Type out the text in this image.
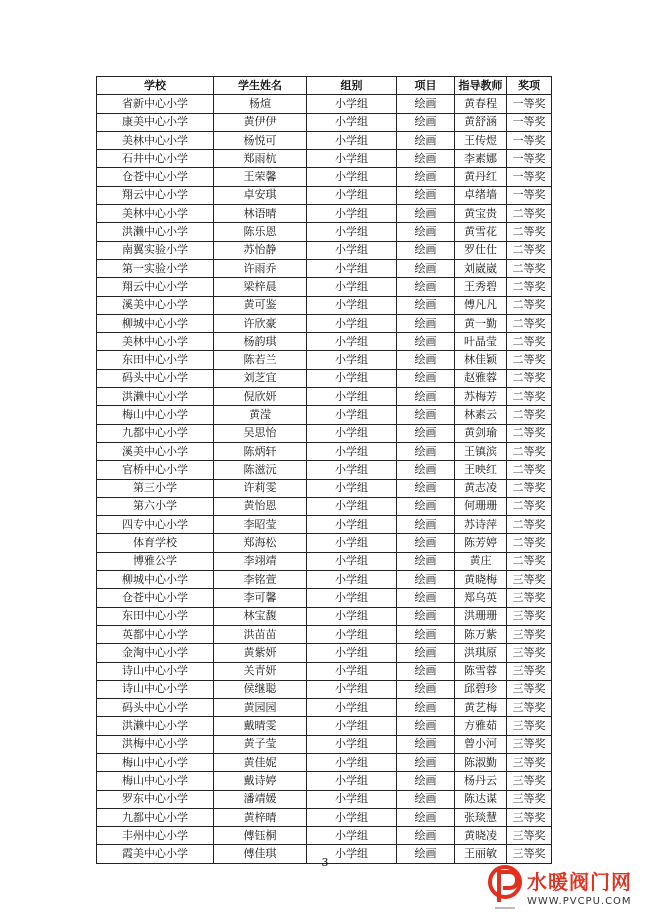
学校	学生姓名	组别	项目	指导教师	奖项
省新中心小学	杨煊	小学组	绘画	黄春程	一等奖
康美中心小学	黄伊伊	小学组	绘画	黄舒涵	一等奖
美林中心小学	杨悦可	小学组	绘画	王传煜	一等奖
石井中心小学	郑雨杭	小学组	绘画	李素娜	一等奖
仓苍中心小学	王荣馨	小学组	绘画	黄丹红	一等奖
翔云中心小学	卓安琪	小学组	绘画	卓绪墙	一等奖
美林中心小学	林语晴	小学组	绘画	黄宝贵	二等奖
洪濑中心小学	陈乐恩	小学组	绘画	黄雪花	二等奖
南翼实验小学	苏怡静	小学组	绘画	罗仕仕	二等奖
第一实验小学	许雨乔	小学组	绘画	刘崴崴	二等奖
翔云中心小学	梁梓晨	小学组	绘画	王秀碧	二等奖
溪美中心小学	黄可鉴	小学组	绘画	傅凡凡	二等奖
柳城中心小学	许欣豪	小学组	绘画	黄一勤	二等奖
美林中心小学	杨韵琪	小学组	绘画	叶晶莹	二等奖
东田中心小学	陈若兰	小学组	绘画	林佳颖	二等奖
码头中心小学	刘芝宜	小学组	绘画	赵雅蓉	二等奖
洪濑中心小学	倪欣妍	小学组	绘画	苏梅芳	二等奖
梅山中心小学	黄滢	小学组	绘画	林素云	二等奖
九都中心小学	吴思怡	小学组	绘画	黄剑瑜	二等奖
溪美中心小学	陈炳轩	小学组	绘画	王镇滨	二等奖
官桥中心小学	陈滋沅	小学组	绘画	王映红	二等奖
第三小学	许莉雯	小学组	绘画	黄志凌	二等奖
第六小学	黄怡恩	小学组	绘画	何珊珊	二等奖
四专中心小学	李昭莹	小学组	绘画	苏诗萍	二等奖
体育学校	郑海松	小学组	绘画	陈芳婷	二等奖
博雅公学	李翊靖	小学组	绘画	黄庄	二等奖
柳城中心小学	李铭萱	小学组	绘画	黄晓梅	三等奖
仓苍中心小学	李可馨	小学组	绘画	郑乌英	三等奖
东田中心小学	林宝馥	小学组	绘画	洪珊珊	三等奖
英都中心小学	洪苗苗	小学组	绘画	陈万紫	三等奖
金淘中心小学	黄紫妍	小学组	绘画	洪琪原	三等奖
诗山中心小学	关青妍	小学组	绘画	陈雪蓉	三等奖
诗山中心小学	侯继聪	小学组	绘画	邱碧珍	三等奖
码头中心小学	黄园园	小学组	绘画	黄艺梅	三等奖
洪濑中心小学	戴晴雯	小学组	绘画	方雅茹	三等奖
洪梅中心小学	黄子莹	小学组	绘画	曾小河	三等奖
梅山中心小学	黄佳妮	小学组	绘画	陈淑勤	三等奖
梅山中心小学	戴诗婷	小学组	绘画	杨丹云	三等奖
罗东中心小学	潘靖媛	小学组	绘画	陈达谋	三等奖
九都中心小学	黄梓晴	小学组	绘画	张琰慧	三等奖
丰州中心小学	傅钰桐	小学组	绘画	黄晓凌	三等奖
霞美中心小学	傅佳琪	小学组	绘画	王丽敏	三等奖
3
水暖阀门网
WWW.PVCPU.COM
